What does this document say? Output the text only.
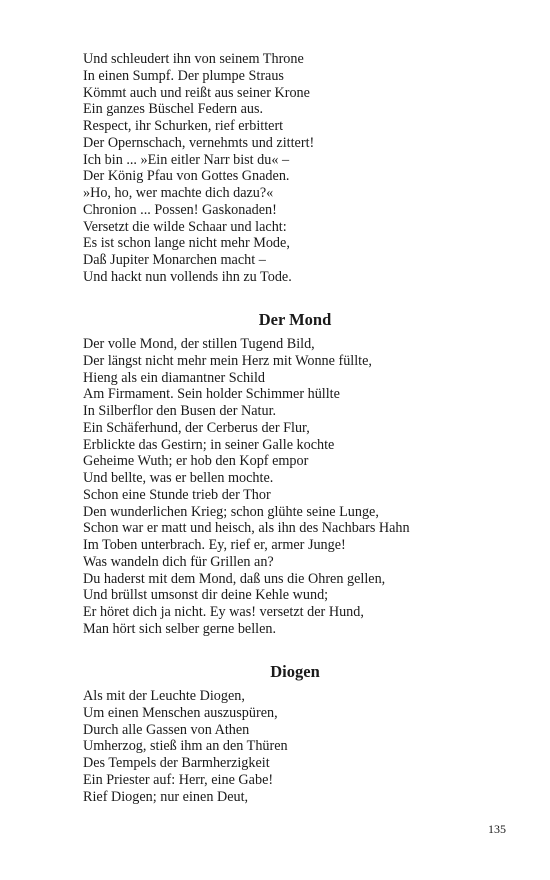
Und schleudert ihn von seinem Throne
In einen Sumpf. Der plumpe Straus
Kömmt auch und reißt aus seiner Krone
Ein ganzes Büschel Federn aus.
Respect, ihr Schurken, rief erbittert
Der Opernschach, vernehmts und zittert!
Ich bin ... »Ein eitler Narr bist du« –
Der König Pfau von Gottes Gnaden.
»Ho, ho, wer machte dich dazu?«
Chronion ... Possen! Gaskonaden!
Versetzt die wilde Schaar und lacht:
Es ist schon lange nicht mehr Mode,
Daß Jupiter Monarchen macht –
Und hackt nun vollends ihn zu Tode.
Der Mond
Der volle Mond, der stillen Tugend Bild,
Der längst nicht mehr mein Herz mit Wonne füllte,
Hieng als ein diamantner Schild
Am Firmament. Sein holder Schimmer hüllte
In Silberflor den Busen der Natur.
Ein Schäferhund, der Cerberus der Flur,
Erblickte das Gestirn; in seiner Galle kochte
Geheime Wuth; er hob den Kopf empor
Und bellte, was er bellen mochte.
Schon eine Stunde trieb der Thor
Den wunderlichen Krieg; schon glühte seine Lunge,
Schon war er matt und heisch, als ihn des Nachbars Hahn
Im Toben unterbrach. Ey, rief er, armer Junge!
Was wandeln dich für Grillen an?
Du haderst mit dem Mond, daß uns die Ohren gellen,
Und brüllst umsonst dir deine Kehle wund;
Er höret dich ja nicht. Ey was! versetzt der Hund,
Man hört sich selber gerne bellen.
Diogen
Als mit der Leuchte Diogen,
Um einen Menschen auszuspüren,
Durch alle Gassen von Athen
Umherzog, stieß ihm an den Thüren
Des Tempels der Barmherzigkeit
Ein Priester auf: Herr, eine Gabe!
Rief Diogen; nur einen Deut,
135
